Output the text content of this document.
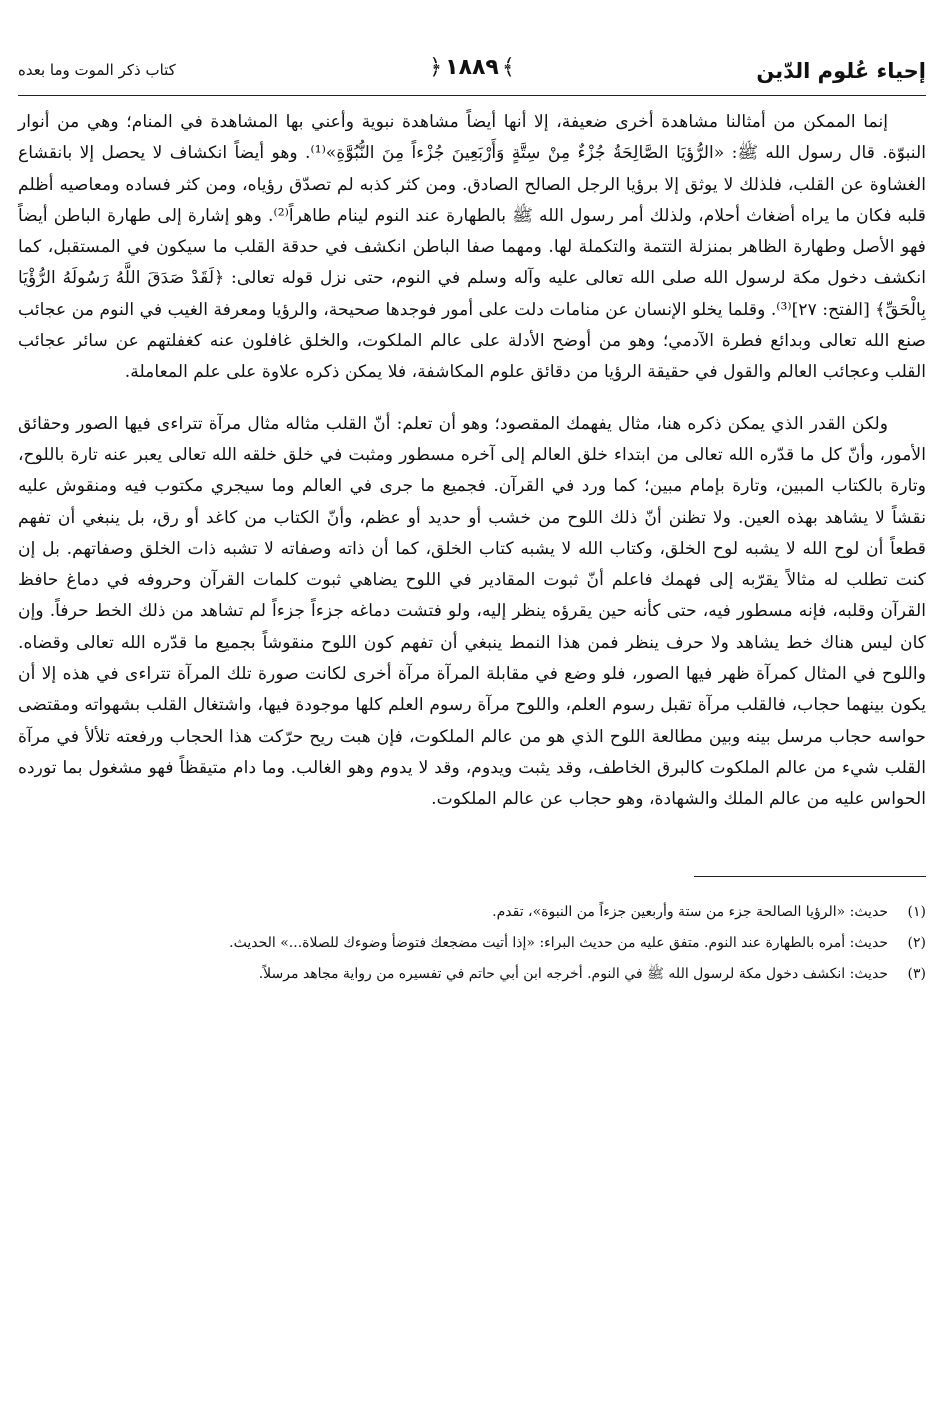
إحياء عُلوم الدّين
﴾١٨٨٩﴿
كتاب ذكر الموت وما بعده

إنما الممكن من أمثالنا مشاهدة أخرى ضعيفة، إلا أنها أيضاً مشاهدة نبوية وأعني بها المشاهدة في المنام؛ وهي من أنوار النبوّة. قال رسول الله ﷺ: «الرُّؤيَا الصَّالِحَةُ جُزْءٌ مِنْ سِتَّةٍ وَأَرْبَعِينَ جُزْءاً مِنَ النُّبُوَّةِ»⁽¹⁾. وهو أيضاً انكشاف لا يحصل إلا بانقشاع الغشاوة عن القلب، فلذلك لا يوثق إلا برؤيا الرجل الصالح الصادق. ومن كثر كذبه لم تصدّق رؤياه، ومن كثر فساده ومعاصيه أظلم قلبه فكان ما يراه أضغاث أحلام، ولذلك أمر رسول الله ﷺ بالطهارة عند النوم لينام طاهراً⁽²⁾. وهو إشارة إلى طهارة الباطن أيضاً فهو الأصل وطهارة الظاهر بمنزلة التتمة والتكملة لها. ومهما صفا الباطن انكشف في حدقة القلب ما سيكون في المستقبل، كما انكشف دخول مكة لرسول الله صلى الله تعالى عليه وآله وسلم في النوم، حتى نزل قوله تعالى: ﴿لَقَدْ صَدَقَ اللَّهُ رَسُولَهُ الرُّؤْيَا بِالْحَقِّ﴾ [الفتح: ٢٧]⁽³⁾. وقلما يخلو الإنسان عن منامات دلت على أمور فوجدها صحيحة، والرؤيا ومعرفة الغيب في النوم من عجائب صنع الله تعالى وبدائع فطرة الآدمي؛ وهو من أوضح الأدلة على عالم الملكوت، والخلق غافلون عنه كغفلتهم عن سائر عجائب القلب وعجائب العالم والقول في حقيقة الرؤيا من دقائق علوم المكاشفة، فلا يمكن ذكره علاوة على علم المعاملة.

ولكن القدر الذي يمكن ذكره هنا، مثال يفهمك المقصود؛ وهو أن تعلم: أنّ القلب مثاله مثال مرآة تتراءى فيها الصور وحقائق الأمور، وأنّ كل ما قدّره الله تعالى من ابتداء خلق العالم إلى آخره مسطور ومثبت في خلق خلقه الله تعالى يعبر عنه تارة باللوح، وتارة بالكتاب المبين، وتارة بإمام مبين؛ كما ورد في القرآن. فجميع ما جرى في العالم وما سيجري مكتوب فيه ومنقوش عليه نقشاً لا يشاهد بهذه العين. ولا تظنن أنّ ذلك اللوح من خشب أو حديد أو عظم، وأنّ الكتاب من كاغد أو رق، بل ينبغي أن تفهم قطعاً أن لوح الله لا يشبه لوح الخلق، وكتاب الله لا يشبه كتاب الخلق، كما أن ذاته وصفاته لا تشبه ذات الخلق وصفاتهم. بل إن كنت تطلب له مثالاً يقرّبه إلى فهمك فاعلم أنّ ثبوت المقادير في اللوح يضاهي ثبوت كلمات القرآن وحروفه في دماغ حافظ القرآن وقلبه، فإنه مسطور فيه، حتى كأنه حين يقرؤه ينظر إليه، ولو فتشت دماغه جزءاً جزءاً لم تشاهد من ذلك الخط حرفاً. وإن كان ليس هناك خط يشاهد ولا حرف ينظر فمن هذا النمط ينبغي أن تفهم كون اللوح منقوشاً بجميع ما قدّره الله تعالى وقضاه. واللوح في المثال كمرآة ظهر فيها الصور، فلو وضع في مقابلة المرآة مرآة أخرى لكانت صورة تلك المرآة تتراءى في هذه إلا أن يكون بينهما حجاب، فالقلب مرآة تقبل رسوم العلم، واللوح مرآة رسوم العلم كلها موجودة فيها، واشتغال القلب بشهواته ومقتضى حواسه حجاب مرسل بينه وبين مطالعة اللوح الذي هو من عالم الملكوت، فإن هبت ريح حرّكت هذا الحجاب ورفعته تلألأ في مرآة القلب شيء من عالم الملكوت كالبرق الخاطف، وقد يثبت ويدوم، وقد لا يدوم وهو الغالب. وما دام متيقظاً فهو مشغول بما تورده الحواس عليه من عالم الملك والشهادة، وهو حجاب عن عالم الملكوت.

(١)
حديث: «الرؤيا الصالحة جزء من ستة وأربعين جزءاً من النبوة»، تقدم.
(٢)
حديث: أمره بالطهارة عند النوم. متفق عليه من حديث البراء: «إذا أتيت مضجعك فتوضأ وضوءك للصلاة...» الحديث.
(٣)
حديث: انكشف دخول مكة لرسول الله ﷺ في النوم. أخرجه ابن أبي حاتم في تفسيره من رواية مجاهد مرسلاً.
